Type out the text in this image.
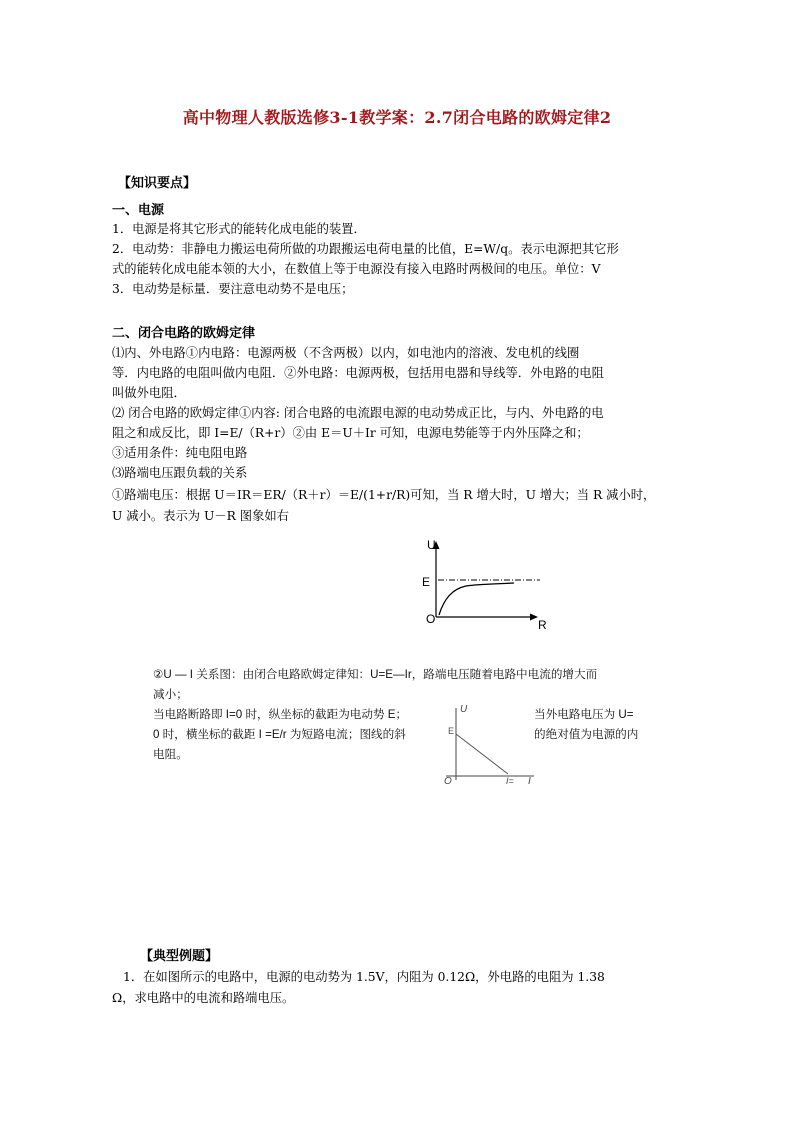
高中物理人教版选修3-1教学案：2.7闭合电路的欧姆定律2
【知识要点】
一、电源
1．电源是将其它形式的能转化成电能的装置．
2．电动势：非静电力搬运电荷所做的功跟搬运电荷电量的比值，E=W/q。表示电源把其它形
式的能转化成电能本领的大小，在数值上等于电源没有接入电路时两极间的电压。单位：V
3．电动势是标量．要注意电动势不是电压；
二、闭合电路的欧姆定律
⑴内、外电路①内电路：电源两极（不含两极）以内，如电池内的溶液、发电机的线圈
等．内电路的电阻叫做内电阻．②外电路：电源两极，包括用电器和导线等．外电路的电阻
叫做外电阻．
⑵ 闭合电路的欧姆定律①内容: 闭合电路的电流跟电源的电动势成正比，与内、外电路的电
阻之和成反比，即 I=E/（R+r）②由 E＝U＋Ir 可知，电源电势能等于内外压降之和；
③适用条件：纯电阻电路
⑶路端电压跟负载的关系
①路端电压：根据 U＝IR＝ER/（R＋r）＝E/(1+r/R)可知，当 R 增大时，U 增大；当 R 减小时，
U 减小。表示为 U－R 图象如右
U
E
O	R
②U — I 关系图：由闭合电路欧姆定律知：U=E—Ir，路端电压随着电路中电流的增大而
减小；
当电路断路即 I=0 时，纵坐标的截距为电动势 E；	当外电路电压为 U=
0 时，横坐标的截距 I =E/r 为短路电流；图线的斜	的绝对值为电源的内
电阻。
U
E
O	I= I
【典型例题】
1．在如图所示的电路中，电源的电动势为 1.5V，内阻为 0.12Ω，外电路的电阻为 1.38
Ω，求电路中的电流和路端电压。
